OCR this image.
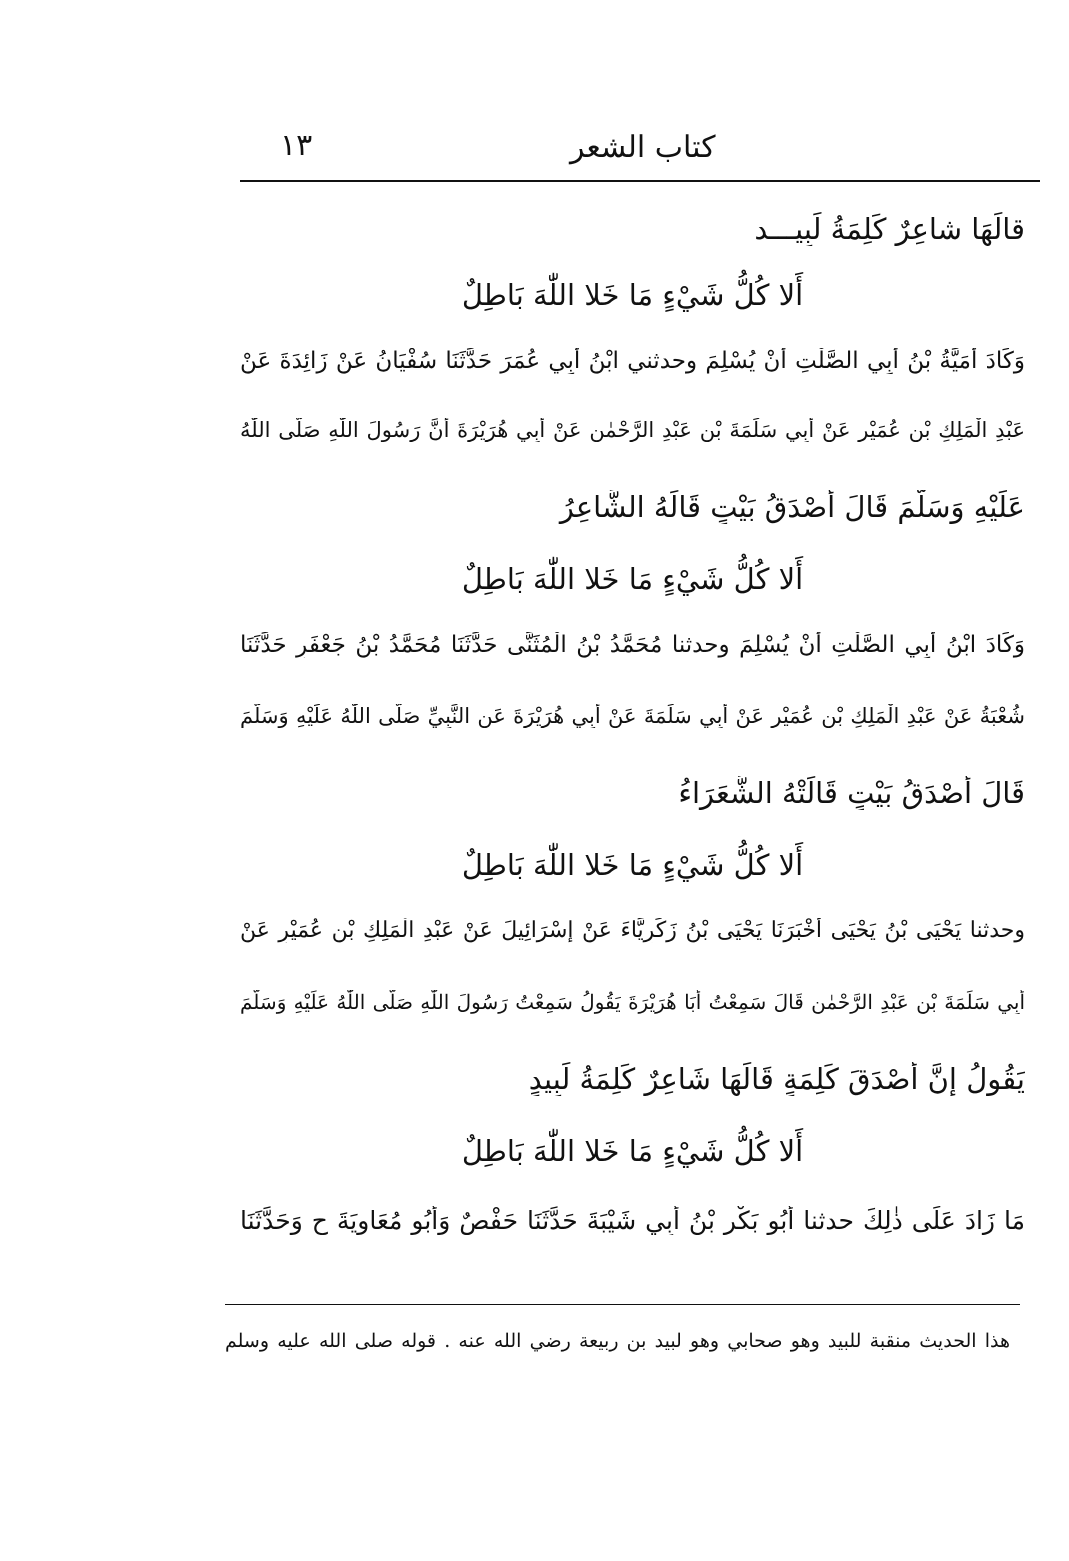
كتاب الشعر
١٣
قالَهَا شاعِرٌ كَلِمَةُ لَبِيـــد
أَلا كُلُّ شَيْءٍ مَا خَلا اللّٰهَ بَاطِلٌ
وَكَادَ أُمَيَّةُ بْنُ أَبِي الصَّلْتِ أَنْ يُسْلِمَ وحدثني ابْنُ أَبِي عُمَرَ حَدَّثَنَا سُفْيَانُ عَنْ زَائِدَةَ عَنْ
عَبْدِ الْمَلِكِ بْنِ عُمَيْرٍ عَنْ أَبِي سَلَمَةَ بْنِ عَبْدِ الرَّحْمٰنِ عَنْ أَبِي هُرَيْرَةَ أَنَّ رَسُولَ اللّٰهِ صَلَّى اللّٰهُ
عَلَيْهِ وَسَلَّمَ قَالَ أَصْدَقُ بَيْتٍ قَالَهُ الشَّاعِرُ
أَلا كُلُّ شَيْءٍ مَا خَلا اللّٰهَ بَاطِلٌ
وَكَادَ ابْنُ أَبِي الصَّلْتِ أَنْ يُسْلِمَ وحدثنا مُحَمَّدُ بْنُ الْمُثَنَّى حَدَّثَنَا مُحَمَّدُ بْنُ جَعْفَرٍ حَدَّثَنَا
شُعْبَةُ عَنْ عَبْدِ الْمَلِكِ بْنِ عُمَيْرٍ عَنْ أَبِي سَلَمَةَ عَنْ أَبِي هُرَيْرَةَ عَنِ النَّبِيِّ صَلَّى اللّٰهُ عَلَيْهِ وَسَلَّمَ
قَالَ أَصْدَقُ بَيْتٍ قَالَتْهُ الشُّعَرَاءُ
أَلا كُلُّ شَيْءٍ مَا خَلا اللّٰهَ بَاطِلٌ
وحدثنا يَحْيَى بْنُ يَحْيَى أَخْبَرَنَا يَحْيَى بْنُ زَكَرِيَّاءَ عَنْ إِسْرَائِيلَ عَنْ عَبْدِ الْمَلِكِ بْنِ عُمَيْرٍ عَنْ
أَبِي سَلَمَةَ بْنِ عَبْدِ الرَّحْمٰنِ قَالَ سَمِعْتُ أَبَا هُرَيْرَةَ يَقُولُ سَمِعْتُ رَسُولَ اللّٰهِ صَلَّى اللّٰهُ عَلَيْهِ وَسَلَّمَ
يَقُولُ إِنَّ أَصْدَقَ كَلِمَةٍ قَالَهَا شَاعِرٌ كَلِمَةُ لَبِيدٍ
أَلا كُلُّ شَيْءٍ مَا خَلا اللّٰهَ بَاطِلٌ
مَا زَادَ عَلَى ذٰلِكَ حدثنا أَبُو بَكْرِ بْنُ أَبِي شَيْبَةَ حَدَّثَنَا حَفْصٌ وَأَبُو مُعَاوِيَةَ ح وَحَدَّثَنَا
هذا الحديث منقبة للبيد وهو صحابي وهو لبيد بن ربيعة رضي الله عنه . قوله صلى الله عليه وسلم
